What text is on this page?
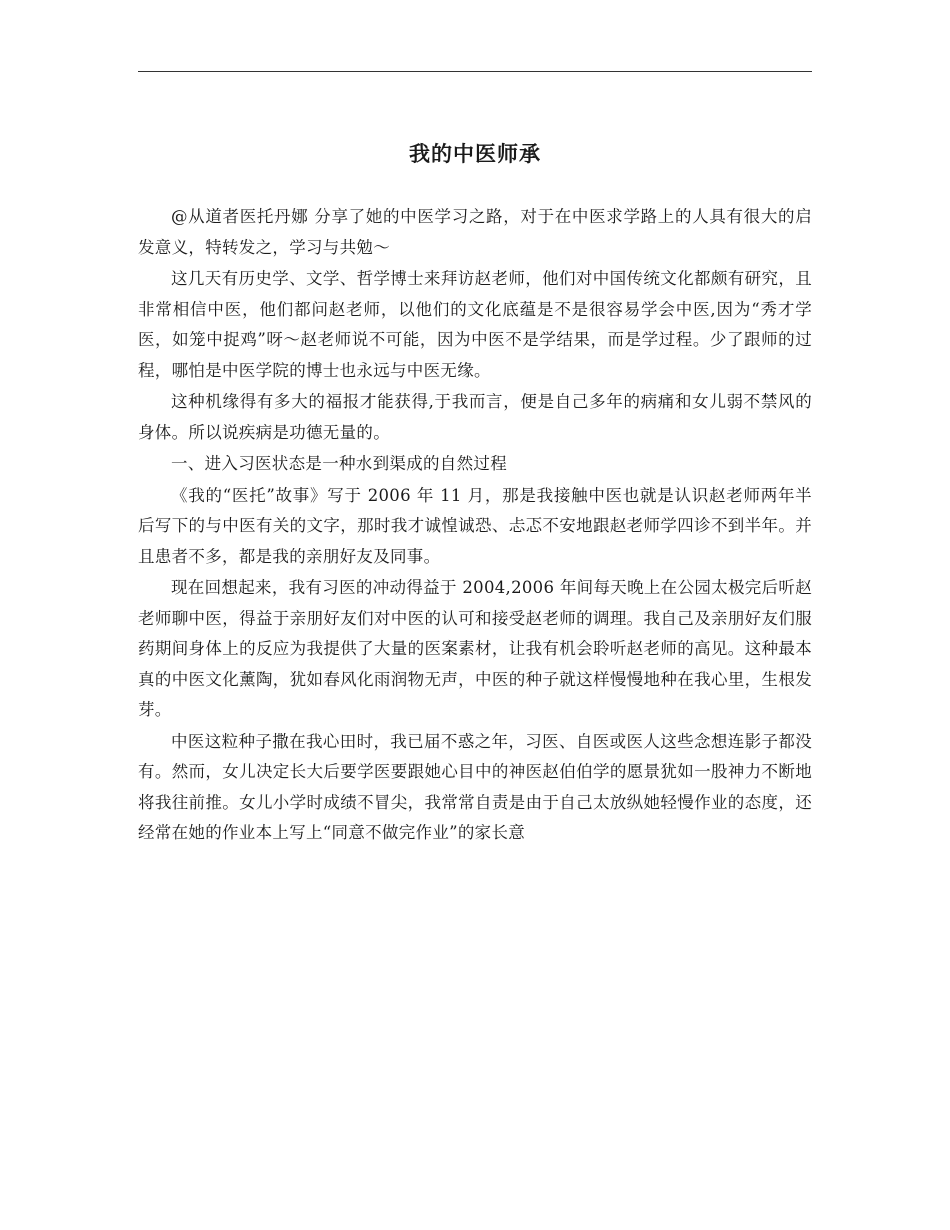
我的中医师承

@从道者医托丹娜 分享了她的中医学习之路，对于在中医求学路上的人具有很大的启发意义，特转发之，学习与共勉～

这几天有历史学、文学、哲学博士来拜访赵老师，他们对中国传统文化都颇有研究，且非常相信中医，他们都问赵老师，以他们的文化底蕴是不是很容易学会中医,因为“秀才学医，如笼中捉鸡”呀～赵老师说不可能，因为中医不是学结果，而是学过程。少了跟师的过程，哪怕是中医学院的博士也永远与中医无缘。

这种机缘得有多大的福报才能获得,于我而言，便是自己多年的病痛和女儿弱不禁风的身体。所以说疾病是功德无量的。

一、进入习医状态是一种水到渠成的自然过程

《我的“医托”故事》写于 2006 年 11 月，那是我接触中医也就是认识赵老师两年半后写下的与中医有关的文字，那时我才诚惶诚恐、忐忑不安地跟赵老师学四诊不到半年。并且患者不多，都是我的亲朋好友及同事。

现在回想起来，我有习医的冲动得益于 2004,2006 年间每天晚上在公园太极完后听赵老师聊中医，得益于亲朋好友们对中医的认可和接受赵老师的调理。我自己及亲朋好友们服药期间身体上的反应为我提供了大量的医案素材，让我有机会聆听赵老师的高见。这种最本真的中医文化薰陶，犹如春风化雨润物无声，中医的种子就这样慢慢地种在我心里，生根发芽。

中医这粒种子撒在我心田时，我已届不惑之年，习医、自医或医人这些念想连影子都没有。然而，女儿决定长大后要学医要跟她心目中的神医赵伯伯学的愿景犹如一股神力不断地将我往前推。女儿小学时成绩不冒尖，我常常自责是由于自己太放纵她轻慢作业的态度，还经常在她的作业本上写上“同意不做完作业”的家长意
